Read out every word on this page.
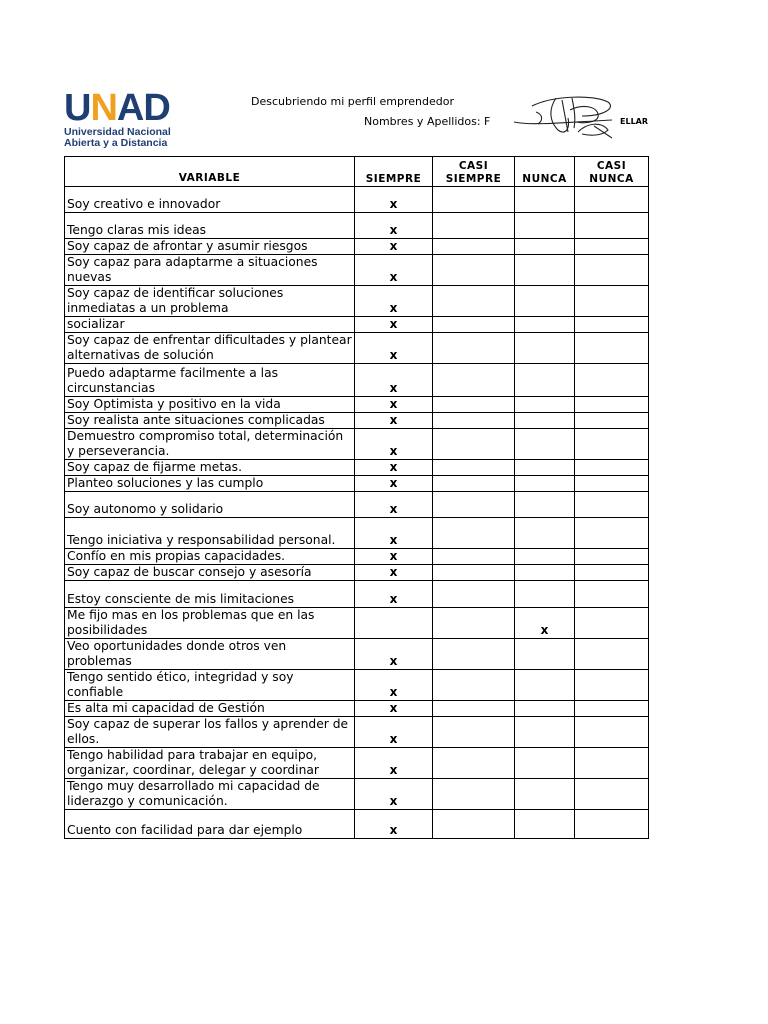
UNAD
Universidad Nacional
Abierta y a Distancia
Descubriendo mi perfil emprendedor
Nombres y Apellidos: F	ELLAR
VARIABLE	SIEMPRE	CASI SIEMPRE	NUNCA	CASI NUNCA
Soy creativo e innovador	x			
Tengo claras mis ideas	x			
Soy capaz de afrontar y asumir riesgos	x			
Soy capaz para adaptarme a situaciones nuevas	x			
Soy capaz de identificar soluciones inmediatas a un problema	x			
socializar	x			
Soy capaz de enfrentar dificultades y plantear alternativas de solución	x			
Puedo adaptarme facilmente a las circunstancias	x			
Soy Optimista y positivo en la vida	x			
Soy realista ante situaciones complicadas	x			
Demuestro compromiso total, determinación y perseverancia.	x			
Soy capaz de fijarme metas.	x			
Planteo soluciones y las cumplo	x			
Soy autonomo y solidario	x			
Tengo iniciativa y responsabilidad personal.	x			
Confío en mis propias capacidades.	x			
Soy capaz de buscar consejo y asesoría	x			
Estoy consciente de mis limitaciones	x			
Me fijo mas en los problemas que en las posibilidades			x	
Veo oportunidades donde otros ven problemas	x			
Tengo sentido ético, integridad y soy confiable	x			
Es alta mi capacidad de Gestión	x			
Soy capaz de superar los fallos y aprender de ellos.	x			
Tengo habilidad para trabajar en equipo, organizar, coordinar, delegar y coordinar	x			
Tengo muy desarrollado mi capacidad de liderazgo y comunicación.	x			
Cuento con facilidad para dar ejemplo	x			
